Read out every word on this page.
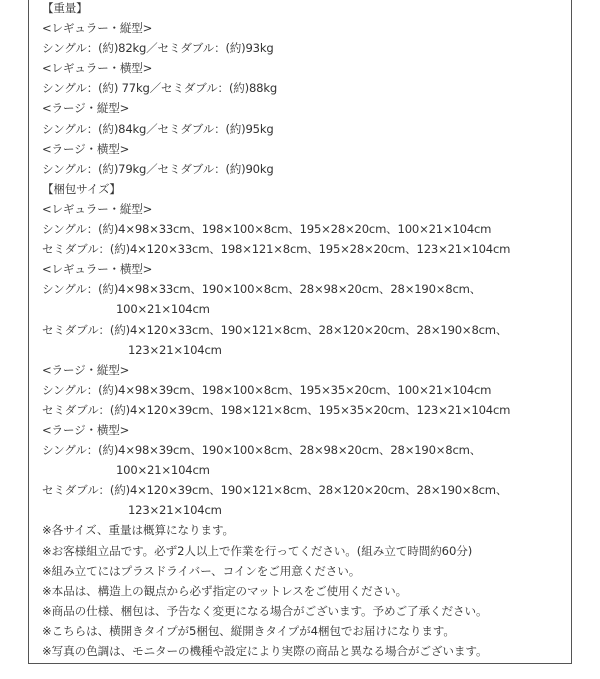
【重量】
<レギュラー・縦型>
シングル：(約)82kg／セミダブル：(約)93kg
<レギュラー・横型>
シングル：(約) 77kg／セミダブル：(約)88kg
<ラージ・縦型>
シングル：(約)84kg／セミダブル：(約)95kg
<ラージ・横型>
シングル：(約)79kg／セミダブル：(約)90kg
【梱包サイズ】
<レギュラー・縦型>
シングル：(約)4×98×33cm、198×100×8cm、195×28×20cm、100×21×104cm
セミダブル：(約)4×120×33cm、198×121×8cm、195×28×20cm、123×21×104cm
<レギュラー・横型>
シングル：(約)4×98×33cm、190×100×8cm、28×98×20cm、28×190×8cm、
100×21×104cm
セミダブル：(約)4×120×33cm、190×121×8cm、28×120×20cm、28×190×8cm、
123×21×104cm
<ラージ・縦型>
シングル：(約)4×98×39cm、198×100×8cm、195×35×20cm、100×21×104cm
セミダブル：(約)4×120×39cm、198×121×8cm、195×35×20cm、123×21×104cm
<ラージ・横型>
シングル：(約)4×98×39cm、190×100×8cm、28×98×20cm、28×190×8cm、
100×21×104cm
セミダブル：(約)4×120×39cm、190×121×8cm、28×120×20cm、28×190×8cm、
123×21×104cm
※各サイズ、重量は概算になります。
※お客様組立品です。必ず2人以上で作業を行ってください。(組み立て時間約60分)
※組み立てにはプラスドライバー、コインをご用意ください。
※本品は、構造上の観点から必ず指定のマットレスをご使用ください。
※商品の仕様、梱包は、予告なく変更になる場合がございます。予めご了承ください。
※こちらは、横開きタイプが5梱包、縦開きタイプが4梱包でお届けになります。
※写真の色調は、モニターの機種や設定により実際の商品と異なる場合がございます。
